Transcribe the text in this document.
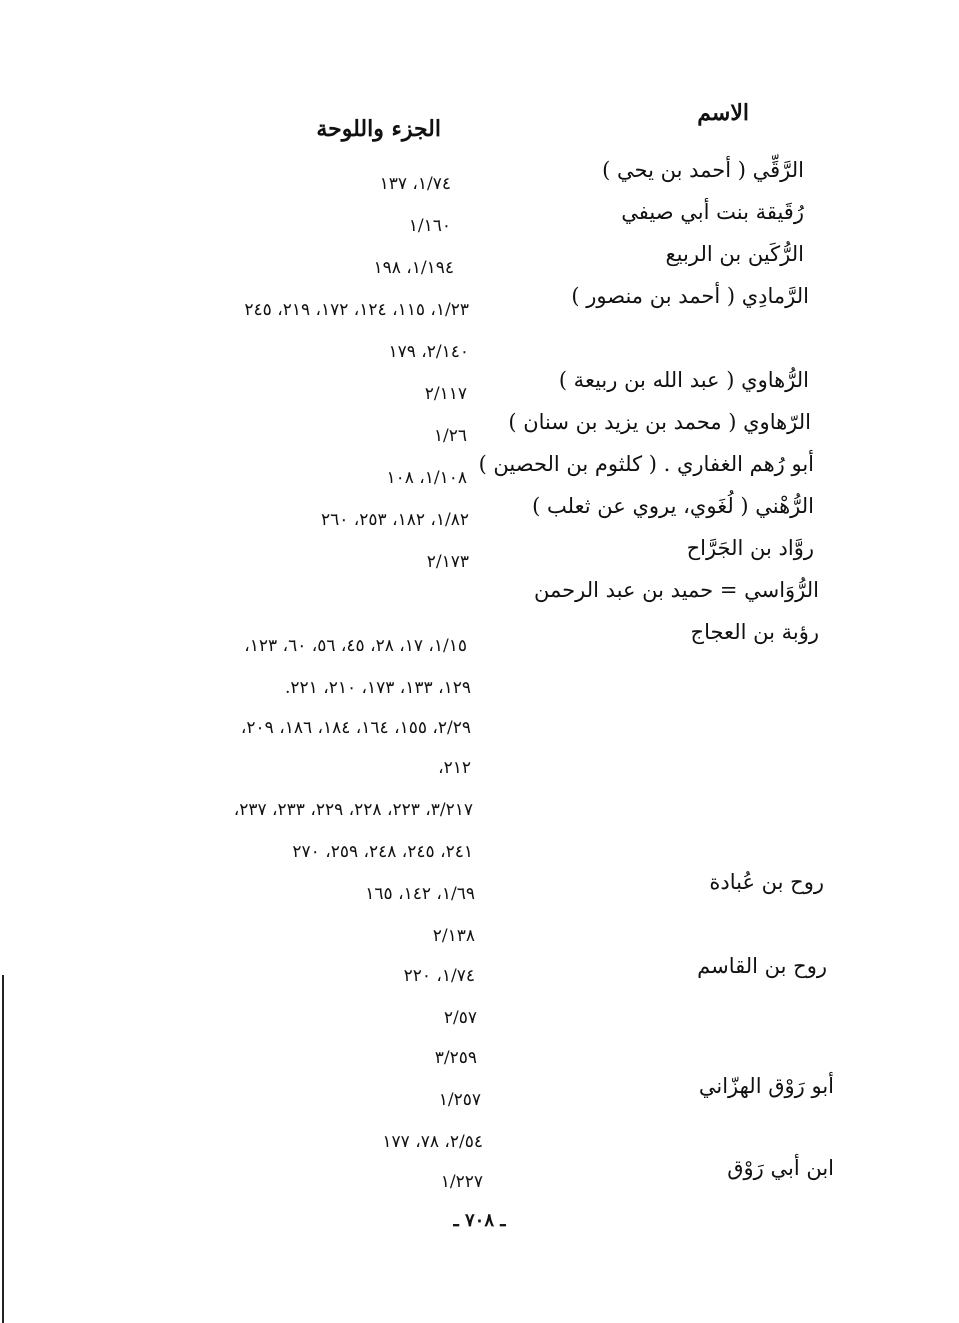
الاسم
الجزء واللوحة
الرَّقِّي ( أحمد بن يحي )
رُقَيقة بنت أبي صيفي
الرُّكَين بن الربيع
الرَّمادِي ( أحمد بن منصور )
الرُّهاوي ( عبد الله بن ربيعة )
الرّهاوي ( محمد بن يزيد بن سنان )
أبو رُهم الغفاري . ( كلثوم بن الحصين )
الرُّهْني ( لُغَوي، يروي عن ثعلب )
روَّاد بن الجَرَّاح
الرُّوَاسي = حميد بن عبد الرحمن
رؤبة بن العجاج
روح بن عُبادة
روح بن القاسم
أبو رَوْق الهزّاني
ابن أبي رَوْق
١/٧٤، ١٣٧
١/١٦٠
١/١٩٤، ١٩٨
١/٢٣، ١١٥، ١٢٤، ١٧٢، ٢١٩، ٢٤٥
٢/١٤٠، ١٧٩
٢/١١٧
١/٢٦
١/١٠٨، ١٠٨
١/٨٢، ١٨٢، ٢٥٣، ٢٦٠
٢/١٧٣
١/١٥، ١٧، ٢٨، ٤٥، ٥٦، ٦٠، ١٢٣،
١٢٩، ١٣٣، ١٧٣، ٢١٠، ٢٢١.
٢/٢٩، ١٥٥، ١٦٤، ١٨٤، ١٨٦، ٢٠٩،
٢١٢،
٣/٢١٧، ٢٢٣، ٢٢٨، ٢٢٩، ٢٣٣، ٢٣٧،
٢٤١، ٢٤٥، ٢٤٨، ٢٥٩، ٢٧٠
١/٦٩، ١٤٢، ١٦٥
٢/١٣٨
١/٧٤، ٢٢٠
٢/٥٧
٣/٢٥٩
١/٢٥٧
٢/٥٤، ٧٨، ١٧٧
١/٢٢٧
ـ ٧٠٨ ـ
